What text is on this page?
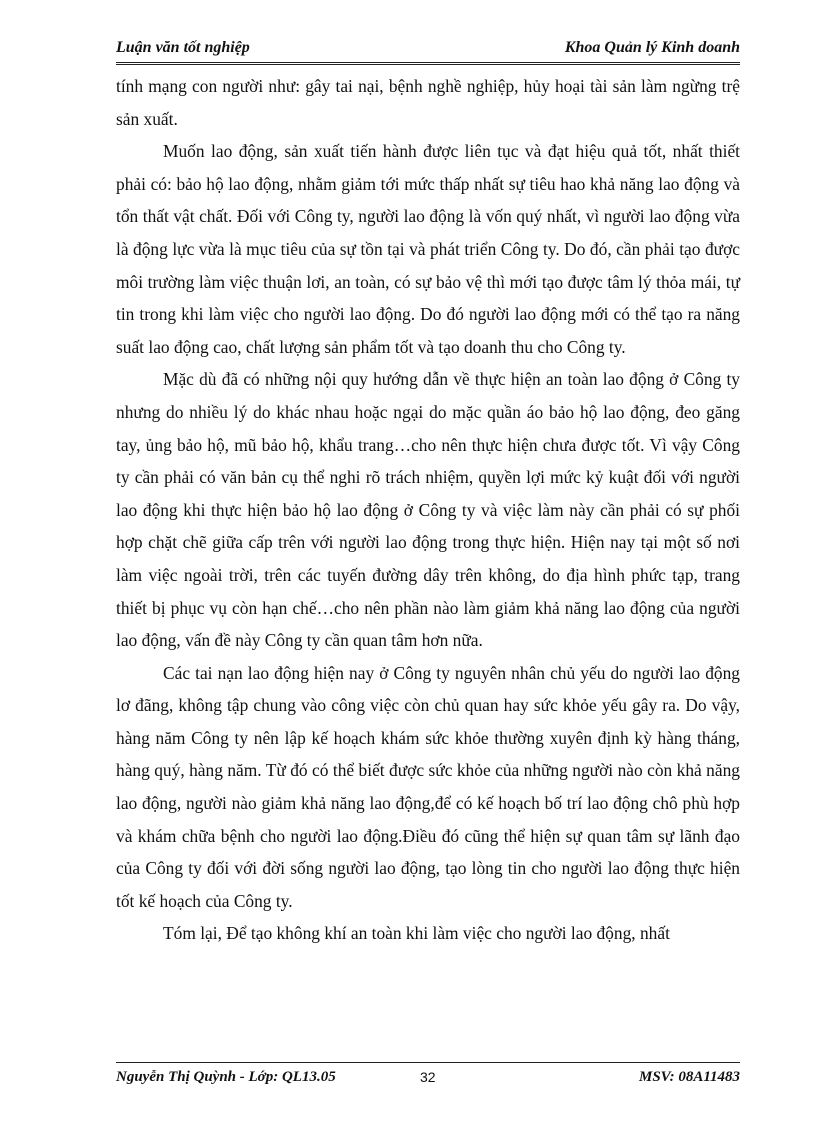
Luận văn tốt nghiệp	Khoa Quản lý Kinh doanh

tính mạng con người như: gây tai nại, bệnh nghề nghiệp, hủy hoại tài sản làm ngừng trệ sản xuất.

Muốn lao động, sản xuất tiến hành được liên tục và đạt hiệu quả tốt, nhất thiết phải có: bảo hộ lao động, nhằm giảm tới mức thấp nhất sự tiêu hao khả năng lao động và tổn thất vật chất. Đối với Công ty, người lao động là vốn quý nhất, vì người lao động vừa là động lực vừa là mục tiêu của sự tồn tại và phát triển Công ty. Do đó, cần phải tạo được môi trường làm việc thuận lơi, an toàn, có sự bảo vệ thì mới tạo được tâm lý thỏa mái, tự tin trong khi làm việc cho người lao động. Do đó người lao động mới có thể tạo ra năng suất lao động cao, chất lượng sản phẩm tốt và tạo doanh thu cho Công ty.

Mặc dù đã có những nội quy hướng dẫn về thực hiện an toàn lao động ở Công ty nhưng do nhiều lý do khác nhau hoặc ngại do mặc quần áo bảo hộ lao động, đeo găng tay, ủng bảo hộ, mũ bảo hộ, khẩu trang…cho nên thực hiện chưa được tốt. Vì vậy Công ty cần phải có văn bản cụ thể nghi rõ trách nhiệm, quyền lợi mức kỷ kuật đối với người lao động khi thực hiện bảo hộ lao động ở Công ty và việc làm này cần phải có sự phối hợp chặt chẽ giữa cấp trên với người lao động trong thực hiện. Hiện nay tại một số nơi làm việc ngoài trời, trên các tuyến đường dây trên không, do địa hình phức tạp, trang thiết bị phục vụ còn hạn chế…cho nên phần nào làm giảm khả năng lao động của người lao động, vấn đề này Công ty cần quan tâm hơn nữa.

Các tai nạn lao động hiện nay ở Công ty nguyên nhân chủ yếu do người lao động lơ đãng, không tập chung vào công việc còn chủ quan hay sức khỏe yếu gây ra. Do vậy, hàng năm Công ty nên lập kế hoạch khám sức khỏe thường xuyên định kỳ hàng tháng, hàng quý, hàng năm. Từ đó có thể biết được sức khỏe của những người nào còn khả năng lao động, người nào giảm khả năng lao động,để có kế hoạch bố trí lao động chô phù hợp và khám chữa bệnh cho người lao động.Điều đó cũng thể hiện sự quan tâm sự lãnh đạo của Công ty đối với đời sống người lao động, tạo lòng tin cho người lao động thực hiện tốt kế hoạch của Công ty.

Tóm lại, Để tạo không khí an toàn khi làm việc cho người lao động, nhất

Nguyễn Thị Quỳnh - Lớp: QL13.05	32	MSV: 08A11483
